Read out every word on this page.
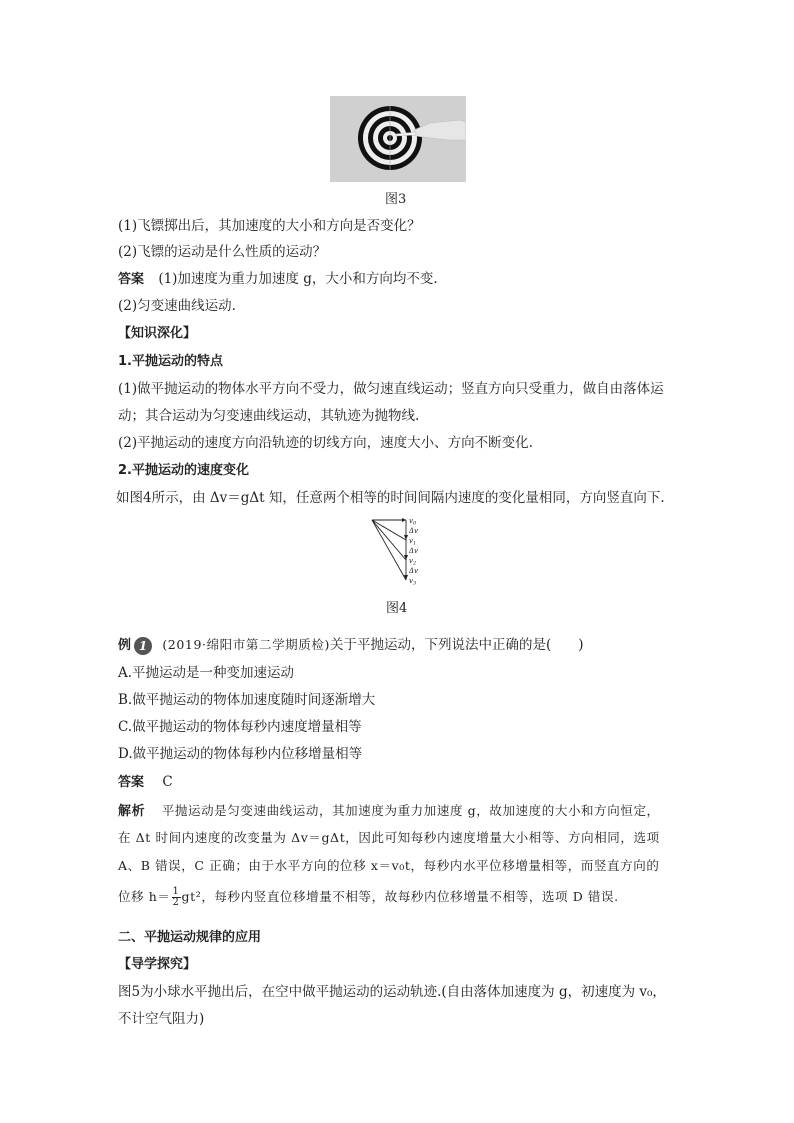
图3
(1)飞镖掷出后，其加速度的大小和方向是否变化？
(2)飞镖的运动是什么性质的运动？
答案 (1)加速度为重力加速度 g，大小和方向均不变.
(2)匀变速曲线运动.
【知识深化】
1.平抛运动的特点
(1)做平抛运动的物体水平方向不受力，做匀速直线运动；竖直方向只受重力，做自由落体运
动；其合运动为匀变速曲线运动，其轨迹为抛物线.
(2)平抛运动的速度方向沿轨迹的切线方向，速度大小、方向不断变化.
2.平抛运动的速度变化
如图4所示，由 Δv＝gΔt 知，任意两个相等的时间间隔内速度的变化量相同，方向竖直向下.
$v_0$
Δv
$v_1$
Δv
$v_2$
Δv
$v_3$
图4
例 1 (2019·绵阳市第二学期质检)关于平抛运动，下列说法中正确的是(　　)
A.平抛运动是一种变加速运动
B.做平抛运动的物体加速度随时间逐渐增大
C.做平抛运动的物体每秒内速度增量相等
D.做平抛运动的物体每秒内位移增量相等
答案 C
解析 平抛运动是匀变速曲线运动，其加速度为重力加速度 g，故加速度的大小和方向恒定，
在 Δt 时间内速度的改变量为 Δv＝gΔt，因此可知每秒内速度增量大小相等、方向相同，选项
A、B 错误，C 正确；由于水平方向的位移 x＝v₀t，每秒内水平位移增量相等，而竖直方向的
位移 $h= \frac{1}{2} gt^2$，每秒内竖直位移增量不相等，故每秒内位移增量不相等，选项 D 错误.
二、平抛运动规律的应用
【导学探究】
图5为小球水平抛出后，在空中做平抛运动的运动轨迹.(自由落体加速度为 g，初速度为 v₀，
不计空气阻力)
